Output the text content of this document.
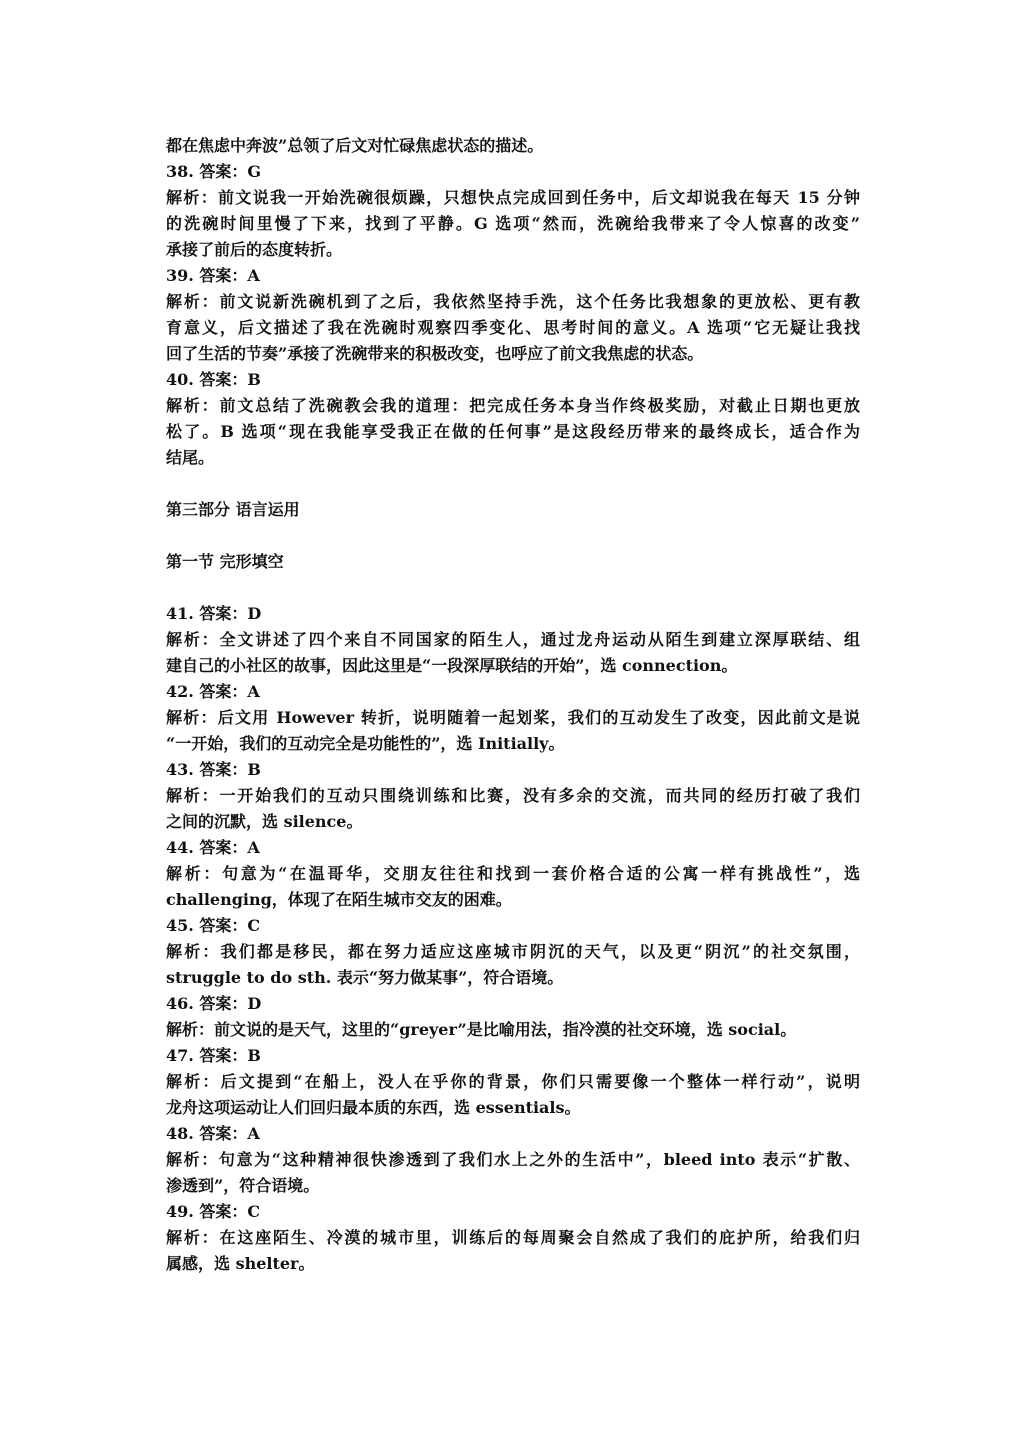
都在焦虑中奔波”总领了后文对忙碌焦虑状态的描述。
38. 答案：G
解析：前文说我一开始洗碗很烦躁，只想快点完成回到任务中，后文却说我在每天 15 分钟
的洗碗时间里慢了下来，找到了平静。G 选项“然而，洗碗给我带来了令人惊喜的改变”
承接了前后的态度转折。
39. 答案：A
解析：前文说新洗碗机到了之后，我依然坚持手洗，这个任务比我想象的更放松、更有教
育意义，后文描述了我在洗碗时观察四季变化、思考时间的意义。A 选项“它无疑让我找
回了生活的节奏”承接了洗碗带来的积极改变，也呼应了前文我焦虑的状态。
40. 答案：B
解析：前文总结了洗碗教会我的道理：把完成任务本身当作终极奖励，对截止日期也更放
松了。B 选项“现在我能享受我正在做的任何事”是这段经历带来的最终成长，适合作为
结尾。
第三部分 语言运用
第一节 完形填空
41. 答案：D
解析：全文讲述了四个来自不同国家的陌生人，通过龙舟运动从陌生到建立深厚联结、组
建自己的小社区的故事，因此这里是“一段深厚联结的开始”，选 connection。
42. 答案：A
解析：后文用 However 转折，说明随着一起划桨，我们的互动发生了改变，因此前文是说
“一开始，我们的互动完全是功能性的”，选 Initially。
43. 答案：B
解析：一开始我们的互动只围绕训练和比赛，没有多余的交流，而共同的经历打破了我们
之间的沉默，选 silence。
44. 答案：A
解析：句意为“在温哥华，交朋友往往和找到一套价格合适的公寓一样有挑战性”，选
challenging，体现了在陌生城市交友的困难。
45. 答案：C
解析：我们都是移民，都在努力适应这座城市阴沉的天气，以及更“阴沉”的社交氛围，
struggle to do sth. 表示“努力做某事”，符合语境。
46. 答案：D
解析：前文说的是天气，这里的“greyer”是比喻用法，指冷漠的社交环境，选 social。
47. 答案：B
解析：后文提到“在船上，没人在乎你的背景，你们只需要像一个整体一样行动”，说明
龙舟这项运动让人们回归最本质的东西，选 essentials。
48. 答案：A
解析：句意为“这种精神很快渗透到了我们水上之外的生活中”，bleed into 表示“扩散、
渗透到”，符合语境。
49. 答案：C
解析：在这座陌生、冷漠的城市里，训练后的每周聚会自然成了我们的庇护所，给我们归
属感，选 shelter。
